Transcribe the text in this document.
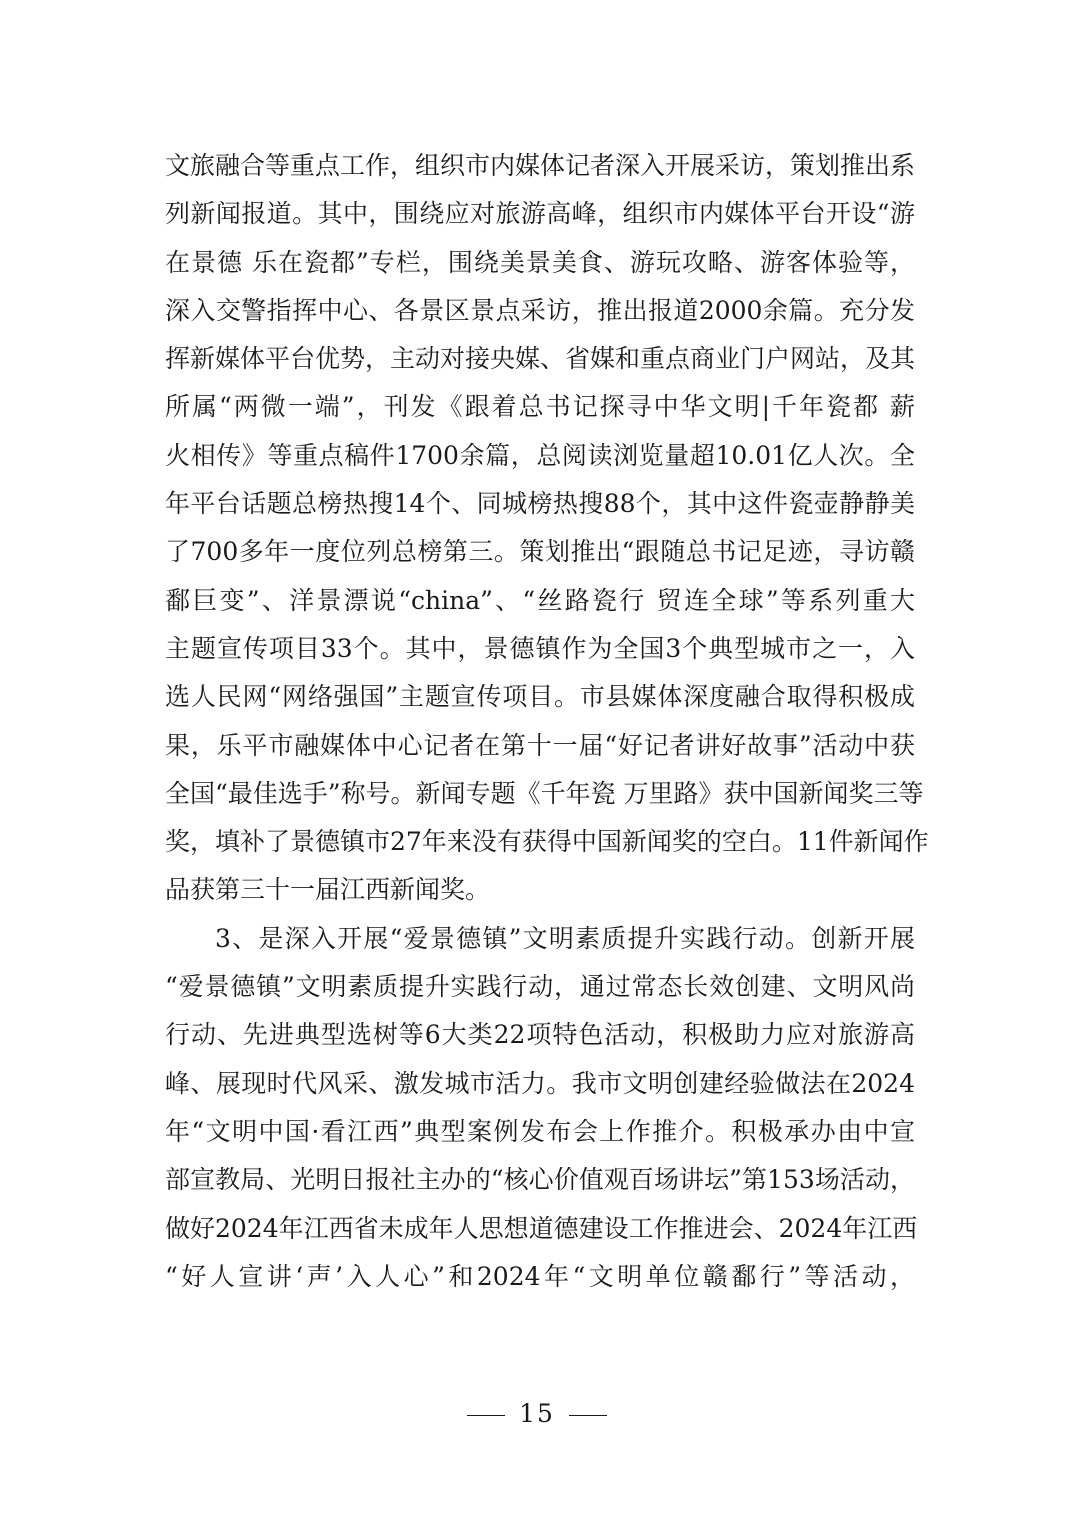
文旅融合等重点工作，组织市内媒体记者深入开展采访，策划推出系
列新闻报道。其中，围绕应对旅游高峰，组织市内媒体平台开设“游
在景德 乐在瓷都”专栏，围绕美景美食、游玩攻略、游客体验等，
深入交警指挥中心、各景区景点采访，推出报道2000余篇。充分发
挥新媒体平台优势，主动对接央媒、省媒和重点商业门户网站，及其
所属“两微一端”，刊发《跟着总书记探寻中华文明|千年瓷都 薪
火相传》等重点稿件1700余篇，总阅读浏览量超10.01亿人次。全
年平台话题总榜热搜14个、同城榜热搜88个，其中这件瓷壶静静美
了700多年一度位列总榜第三。策划推出“跟随总书记足迹，寻访赣
鄱巨变”、洋景漂说“china”、“丝路瓷行 贸连全球”等系列重大
主题宣传项目33个。其中，景德镇作为全国3个典型城市之一，入
选人民网“网络强国”主题宣传项目。市县媒体深度融合取得积极成
果，乐平市融媒体中心记者在第十一届“好记者讲好故事”活动中获
全国“最佳选手”称号。新闻专题《千年瓷 万里路》获中国新闻奖三等
奖，填补了景德镇市27年来没有获得中国新闻奖的空白。11件新闻作
品获第三十一届江西新闻奖。
3、是深入开展“爱景德镇”文明素质提升实践行动。创新开展
“爱景德镇”文明素质提升实践行动，通过常态长效创建、文明风尚
行动、先进典型选树等6大类22项特色活动，积极助力应对旅游高
峰、展现时代风采、激发城市活力。我市文明创建经验做法在2024
年“文明中国·看江西”典型案例发布会上作推介。积极承办由中宣
部宣教局、光明日报社主办的“核心价值观百场讲坛”第153场活动，
做好2024年江西省未成年人思想道德建设工作推进会、2024年江西
“好人宣讲‘声’入人心”和2024年“文明单位赣鄱行”等活动，
15
